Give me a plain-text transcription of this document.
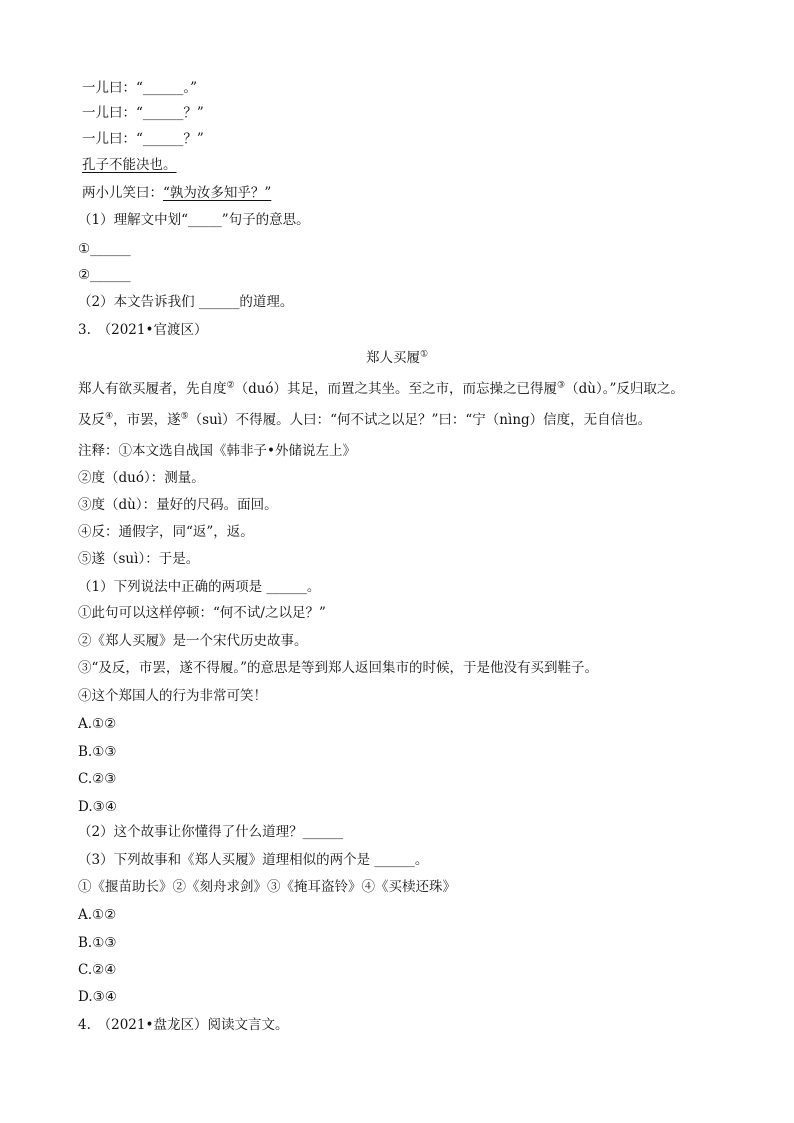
一儿曰：“______。”
一儿曰：“______？”
一儿曰：“______？”
孔子不能决也。
两小儿笑曰：“孰为汝多知乎？”
（1）理解文中划“_____”句子的意思。
①______
②______
（2）本文告诉我们 ______的道理。
3.　（2021•官渡区）
郑人买履①
郑人有欲买履者，先自度②（duó）其足，而置之其坐。至之市，而忘操之已得履③（dù）。”反归取之。
及反④，市罢，遂⑤（suì）不得履。人曰：“何不试之以足？”曰：“宁（nìng）信度，无自信也。
注释：①本文选自战国《韩非子•外储说左上》
②度（duó）：测量。
③度（dù）：量好的尺码。面回。
④反：通假字，同“返”，返。
⑤遂（suì）：于是。
（1）下列说法中正确的两项是 ______。
①此句可以这样停顿：“何不试/之以足？”
②《郑人买履》是一个宋代历史故事。
③“及反，市罢，遂不得履。”的意思是等到郑人返回集市的时候，于是他没有买到鞋子。
④这个郑国人的行为非常可笑！
A.①②
B.①③
C.②③
D.③④
（2）这个故事让你懂得了什么道理？______
（3）下列故事和《郑人买履》道理相似的两个是 ______。
①《揠苗助长》②《刻舟求剑》③《掩耳盗铃》④《买椟还珠》
A.①②
B.①③
C.②④
D.③④
4.　（2021•盘龙区）阅读文言文。
